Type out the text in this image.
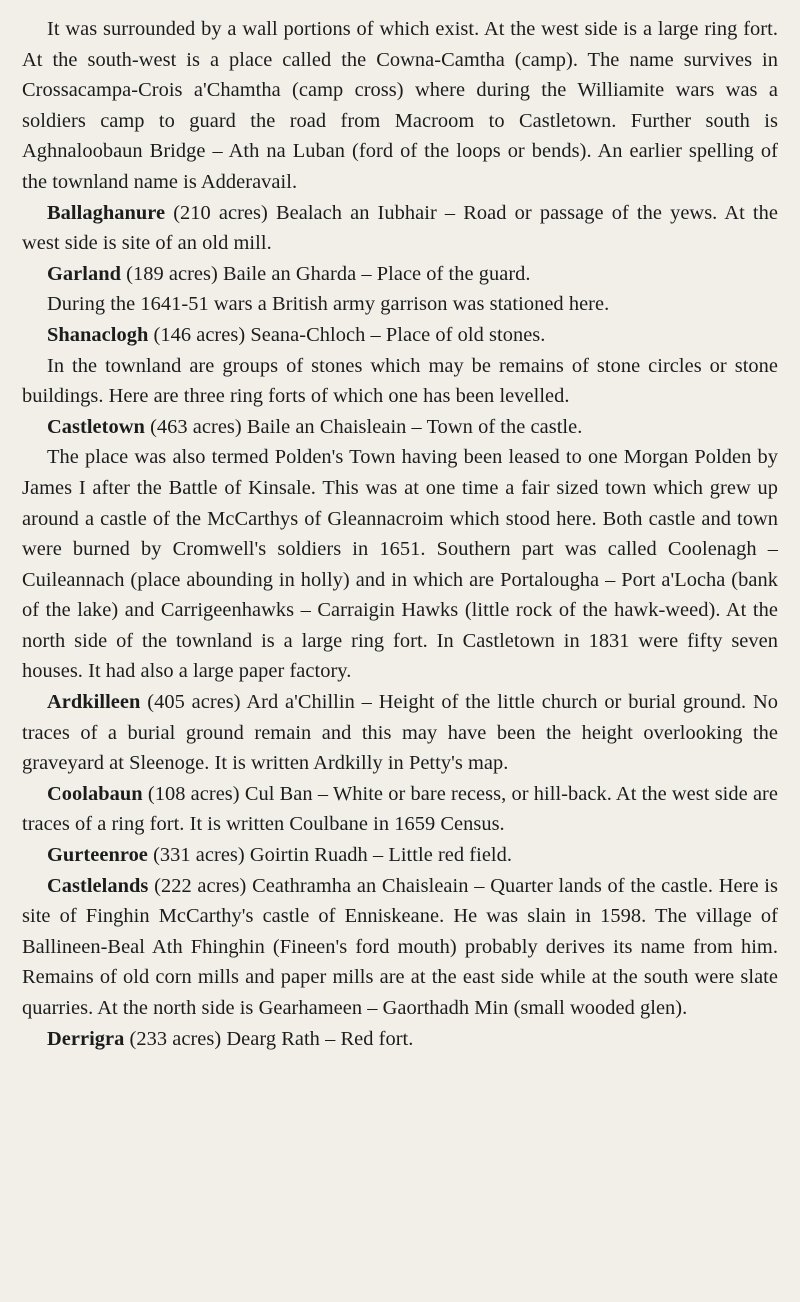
It was surrounded by a wall portions of which exist. At the west side is a large ring fort. At the south-west is a place called the Cowna-Camtha (camp). The name survives in Crossacampa-Crois a'Chamtha (camp cross) where during the Williamite wars was a soldiers camp to guard the road from Macroom to Castletown. Further south is Aghnaloobaun Bridge – Ath na Luban (ford of the loops or bends). An earlier spelling of the townland name is Adderavail.

Ballaghanure (210 acres) Bealach an Iubhair – Road or passage of the yews. At the west side is site of an old mill.

Garland (189 acres) Baile an Gharda – Place of the guard.

During the 1641-51 wars a British army garrison was stationed here.

Shanaclogh (146 acres) Seana-Chloch – Place of old stones.

In the townland are groups of stones which may be remains of stone circles or stone buildings. Here are three ring forts of which one has been levelled.

Castletown (463 acres) Baile an Chaisleain – Town of the castle.

The place was also termed Polden's Town having been leased to one Morgan Polden by James I after the Battle of Kinsale. This was at one time a fair sized town which grew up around a castle of the McCarthys of Gleannacroim which stood here. Both castle and town were burned by Cromwell's soldiers in 1651. Southern part was called Coolenagh – Cuileannach (place abounding in holly) and in which are Portalougha – Port a'Locha (bank of the lake) and Carrigeenhawks – Carraigin Hawks (little rock of the hawk-weed). At the north side of the townland is a large ring fort. In Castletown in 1831 were fifty seven houses. It had also a large paper factory.

Ardkilleen (405 acres) Ard a'Chillin – Height of the little church or burial ground. No traces of a burial ground remain and this may have been the height overlooking the graveyard at Sleenoge. It is written Ardkilly in Petty's map.

Coolabaun (108 acres) Cul Ban – White or bare recess, or hill-back. At the west side are traces of a ring fort. It is written Coulbane in 1659 Census.

Gurteenroe (331 acres) Goirtin Ruadh – Little red field.

Castlelands (222 acres) Ceathramha an Chaisleain – Quarter lands of the castle. Here is site of Finghin McCarthy's castle of Enniskeane. He was slain in 1598. The village of Ballineen-Beal Ath Fhinghin (Fineen's ford mouth) probably derives its name from him. Remains of old corn mills and paper mills are at the east side while at the south were slate quarries. At the north side is Gearhameen – Gaorthadh Min (small wooded glen).

Derrigra (233 acres) Dearg Rath – Red fort.
